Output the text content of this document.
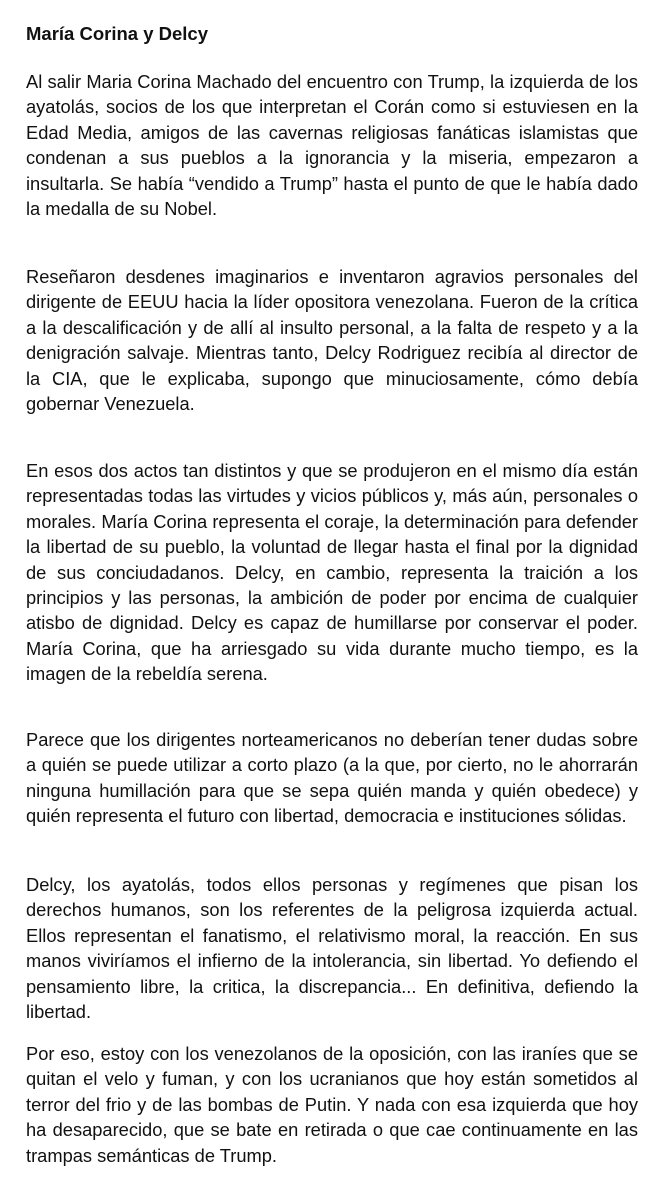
María Corina y Delcy

Al salir Maria Corina Machado del encuentro con Trump, la izquierda de los ayatolás, socios de los que interpretan el Corán como si estuviesen en la Edad Media, amigos de las cavernas religiosas fanáticas islamistas que condenan a sus pueblos a la ignorancia y la miseria, empezaron a insultarla. Se había “vendido a Trump” hasta el punto de que le había dado la medalla de su Nobel.

Reseñaron desdenes imaginarios e inventaron agravios personales del dirigente de EEUU hacia la líder opositora venezolana. Fueron de la crítica a la descalificación y de allí al insulto personal, a la falta de respeto y a la denigración salvaje. Mientras tanto, Delcy Rodriguez recibía al director de la CIA, que le explicaba, supongo que minuciosamente, cómo debía gobernar Venezuela.

En esos dos actos tan distintos y que se produjeron en el mismo día están representadas todas las virtudes y vicios públicos y, más aún, personales o morales. María Corina representa el coraje, la determinación para defender la libertad de su pueblo, la voluntad de llegar hasta el final por la dignidad de sus conciudadanos. Delcy, en cambio, representa la traición a los principios y las personas, la ambición de poder por encima de cualquier atisbo de dignidad. Delcy es capaz de humillarse por conservar el poder. María Corina, que ha arriesgado su vida durante mucho tiempo, es la imagen de la rebeldía serena.

Parece que los dirigentes norteamericanos no deberían tener dudas sobre a quién se puede utilizar a corto plazo (a la que, por cierto, no le ahorrarán ninguna humillación para que se sepa quién manda y quién obedece) y quién representa el futuro con libertad, democracia e instituciones sólidas.

Delcy, los ayatolás, todos ellos personas y regímenes que pisan los derechos humanos, son los referentes de la peligrosa izquierda actual. Ellos representan el fanatismo, el relativismo moral, la reacción. En sus manos viviríamos el infierno de la intolerancia, sin libertad. Yo defiendo el pensamiento libre, la critica, la discrepancia... En definitiva, defiendo la libertad.

Por eso, estoy con los venezolanos de la oposición, con las iraníes que se quitan el velo y fuman, y con los ucranianos que hoy están sometidos al terror del frio y de las bombas de Putin. Y nada con esa izquierda que hoy ha desaparecido, que se bate en retirada o que cae continuamente en las trampas semánticas de Trump.
